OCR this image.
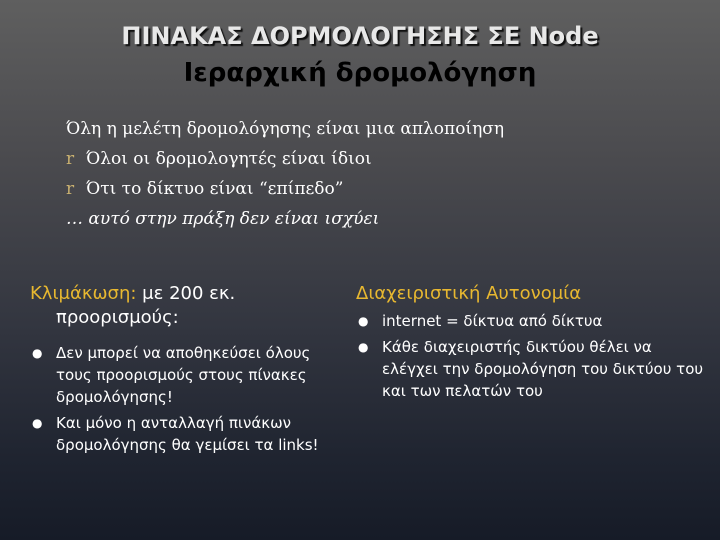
ΠΙΝΑΚΑΣ ΔΟΡΜΟΛΟΓΗΣΗΣ ΣΕ Node
Ιεραρχική δρομολόγηση
Όλη η μελέτη δρομολόγησης είναι μια απλοποίηση
r Όλοι οι δρομολογητές είναι ίδιοι
r Ότι το δίκτυο είναι “επίπεδο”
… αυτό στην πράξη δεν είναι ισχύει
Κλιμάκωση: με 200 εκ.
προορισμούς:
● Δεν μπορεί να αποθηκεύσει όλους τους προορισμούς στους πίνακες δρομολόγησης!
● Και μόνο η ανταλλαγή πινάκων δρομολόγησης θα γεμίσει τα links!
Διαχειριστική Αυτονομία
● internet = δίκτυα από δίκτυα
● Κάθε διαχειριστής δικτύου θέλει να ελέγχει την δρομολόγηση του δικτύου του και των πελατών του
